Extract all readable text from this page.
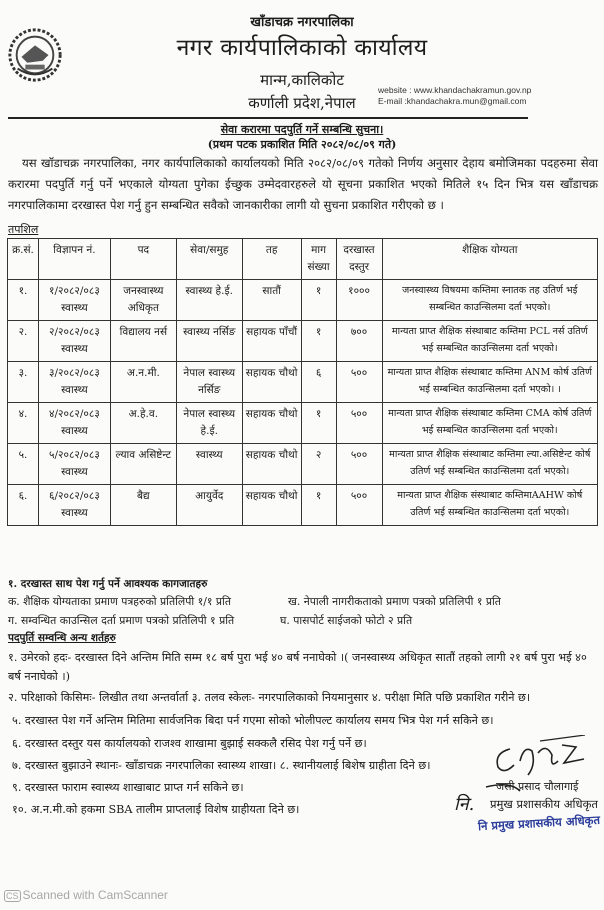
खाँडाचक्र नगरपालिका
नगर कार्यपालिकाको कार्यालय
मान्म,कालिकोट
कर्णाली प्रदेश,नेपाल
website : www.khandachakramun.gov.np
E-mail :khandachakra.mun@gmail.com
सेवा करारमा पदपुर्ति गर्ने सम्बन्धि सुचना।
(प्रथम पटक प्रकाशित मिति २०८२/०८/०९ गते)
यस खॉडाचक्र नगरपालिका, नगर कार्यपालिकाको कार्यालयको मिति २०८२/०८/०९ गतेको निर्णय अनुसार देहाय बमोजिमका पदहरुमा सेवा करारमा पदपुर्ति गर्नु पर्ने भएकाले योग्यता पुगेका ईच्छुक उम्मेदवारहरुले यो सूचना प्रकाशित भएको मितिले १५ दिन भित्र यस खाँडाचक्र नगरपालिकामा दरखास्त पेश गर्नु हुन सम्बन्धित सवैको जानकारीका लागी यो सुचना प्रकाशित गरीएको छ ।
तपशिल
क्र.सं.	विज्ञापन नं.	पद	सेवा/समुह	तह	माग संख्या	दरखास्त दस्तुर	शैक्षिक योग्यता
१.	१/२०८२/०८३ स्वास्थ्य	जनस्वास्थ्य अधिकृत	स्वास्थ्य हे.ई.	सातौं	१	१०००	जनस्वास्थ्य विषयमा कम्तिमा स्नातक तह उतिर्ण भई सम्बन्धित काउन्सिलमा दर्ता भएको।
२.	२/२०८२/०८३ स्वास्थ्य	विद्यालय नर्स	स्वास्थ्य नर्सिङ	सहायक पाँचौं	१	७००	मान्यता प्राप्त शैक्षिक संस्थाबाट कम्तिमा PCL नर्स उतिर्ण भई सम्बन्धित काउन्सिलमा दर्ता भएको।
३.	३/२०८२/०८३ स्वास्थ्य	अ.न.मी.	नेपाल स्वास्थ्य नर्सिङ	सहायक चौथो	६	५००	मान्यता प्राप्त शैक्षिक संस्थाबाट कम्तिमा ANM कोर्ष उतिर्ण भई सम्बन्धित काउन्सिलमा दर्ता भएको। ।
४.	४/२०८२/०८३ स्वास्थ्य	अ.हे.व.	नेपाल स्वास्थ्य हे.ई.	सहायक चौथो	१	५००	मान्यता प्राप्त शैक्षिक संस्थाबाट कम्तिमा CMA कोर्ष उतिर्ण भई सम्बन्धित काउन्सिलमा दर्ता भएको।
५.	५/२०८२/०८३ स्वास्थ्य	ल्याव असिष्टेन्ट	स्वास्थ्य	सहायक चौथो	२	५००	मान्यता प्राप्त शैक्षिक संस्थाबाट कम्तिमा ल्या.असिष्टेन्ट कोर्ष उतिर्ण भई सम्बन्धित काउन्सिलमा दर्ता भएको।
६.	६/२०८२/०८३ स्वास्थ्य	बैद्य	आयुर्वेद	सहायक चौथो	१	५००	मान्यता प्राप्त शैक्षिक संस्थाबाट कम्तिमाAAHW कोर्ष उतिर्ण भई सम्बन्धित काउन्सिलमा दर्ता भएको।
१. दरखास्त साथ पेश गर्नु पर्ने आवश्यक कागजातहरु
क. शैक्षिक योग्यताका प्रमाण पत्रहरुको प्रतिलिपी १/१ प्रति	ख. नेपाली नागरीकताको प्रमाण पत्रको प्रतिलिपी १ प्रति
ग. सम्वन्धित काउन्सिल दर्ता प्रमाण पत्रको प्रतिलिपी १ प्रति	घ. पासपोर्ट साईजको फोटो २ प्रति
पदपुर्ति सम्वन्धि अन्य शर्तहरु
१. उमेरको हदः- दरखास्त दिने अन्तिम मिति सम्म १८ बर्ष पुरा भई ४० बर्ष ननाघेको ।( जनस्वास्थ्य अधिकृत सातौं तहको लागी २१ बर्ष पुरा भई ४० बर्ष ननाघेको ।)
२. परिक्षाको किसिमः- लिखीत तथा अन्तर्वार्ता ३. तलव स्केलः- नगरपालिकाको नियमानुसार ४. परीक्षा मिति पछि प्रकाशित गरीने छ।
५. दरखास्त पेश गर्ने अन्तिम मितिमा सार्वजनिक बिदा पर्न गएमा सोको भोलीपल्ट कार्यालय समय भित्र पेश गर्न सकिने छ।
६. दरखास्त दस्तुर यस कार्यालयको राजश्व शाखामा बुझाई सक्कलै रसिद पेश गर्नु पर्ने छ।
७. दरखास्त बुझाउने स्थानः- खाँडाचक्र नगरपालिका स्वास्थ्य शाखा। ८. स्थानीयलाई बिशेष ग्राहीता दिने छ।
९. दरखास्त फाराम स्वास्थ्य शाखाबाट प्राप्त गर्न सकिने छ।
१०. अ.न.मी.को हकमा SBA तालीम प्राप्तलाई विशेष ग्राहीयता दिने छ।
जसी प्रसाद चौलागाई
नि. प्रमुख प्रशासकीय अधिकृत
नि प्रमुख प्रशासकीय अधिकृत
CS Scanned with CamScanner
